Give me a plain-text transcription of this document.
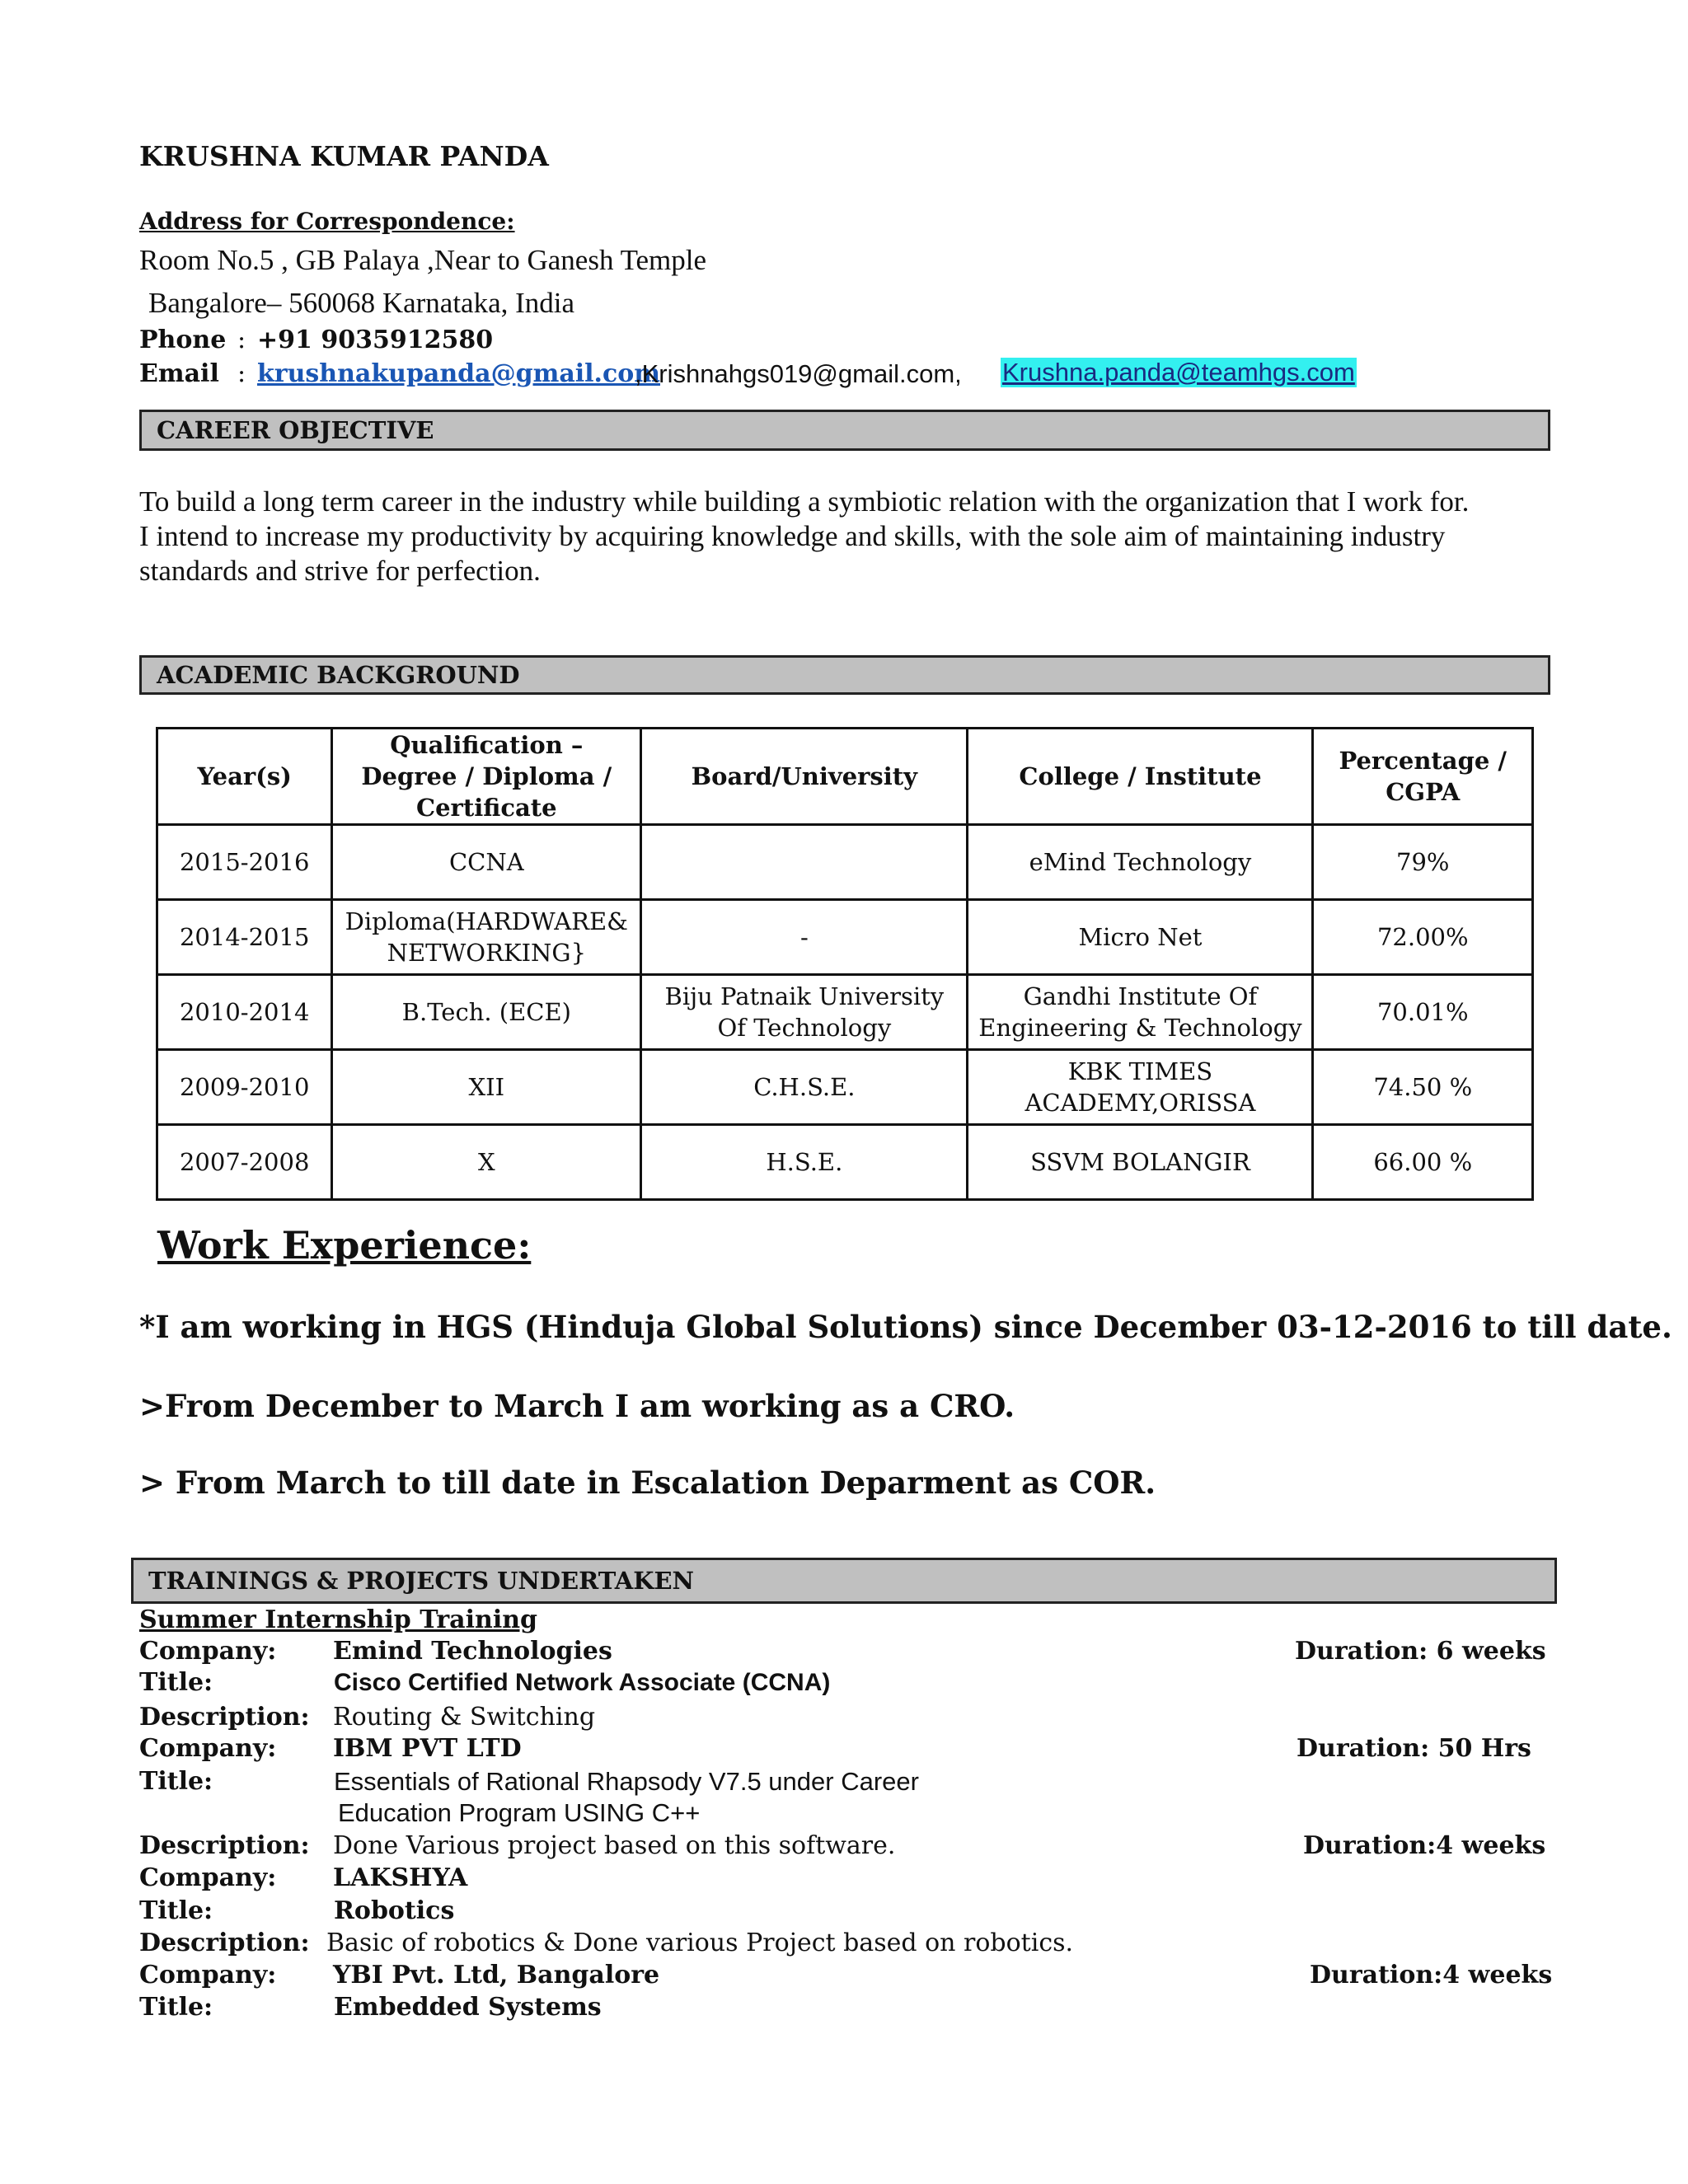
KRUSHNA KUMAR PANDA
Address for Correspondence:
Room No.5 , GB Palaya ,Near to Ganesh Temple
Bangalore– 560068 Karnataka, India
Phone : +91 9035912580
Email : krushnakupanda@gmail.com
,Krishnahgs019@gmail.com, Krushna.panda@teamhgs.com
CAREER OBJECTIVE
To build a long term career in the industry while building a symbiotic relation with the organization that I work for.
I intend to increase my productivity by acquiring knowledge and skills, with the sole aim of maintaining industry
standards and strive for perfection.
ACADEMIC BACKGROUND
Year(s)	Qualification – Degree / Diploma / Certificate	Board/University	College / Institute	Percentage / CGPA
2015-2016	CCNA		eMind Technology	79%
2014-2015	Diploma(HARDWARE& NETWORKING}	-	Micro Net	72.00%
2010-2014	B.Tech. (ECE)	Biju Patnaik University Of Technology	Gandhi Institute Of Engineering & Technology	70.01%
2009-2010	XII	C.H.S.E.	KBK TIMES ACADEMY,ORISSA	74.50 %
2007-2008	X	H.S.E.	SSVM BOLANGIR	66.00 %
Work Experience:
*I am working in HGS (Hinduja Global Solutions) since December 03-12-2016 to till date.
>From December to March I am working as a CRO.
> From March to till date in Escalation Deparment as COR.
TRAININGS & PROJECTS UNDERTAKEN
Summer Internship Training
Company: Emind Technologies	Duration: 6 weeks
Title:	Cisco Certified Network Associate (CCNA)
Description: Routing & Switching
Company: IBM PVT LTD	Duration: 50 Hrs
Title:	Essentials of Rational Rhapsody V7.5 under Career
Education Program USING C++
Description: Done Various project based on this software.	Duration:4 weeks
Company: LAKSHYA
Title:	Robotics
Description: Basic of robotics & Done various Project based on robotics.
Company: YBI Pvt. Ltd, Bangalore	Duration:4 weeks
Title:	Embedded Systems
